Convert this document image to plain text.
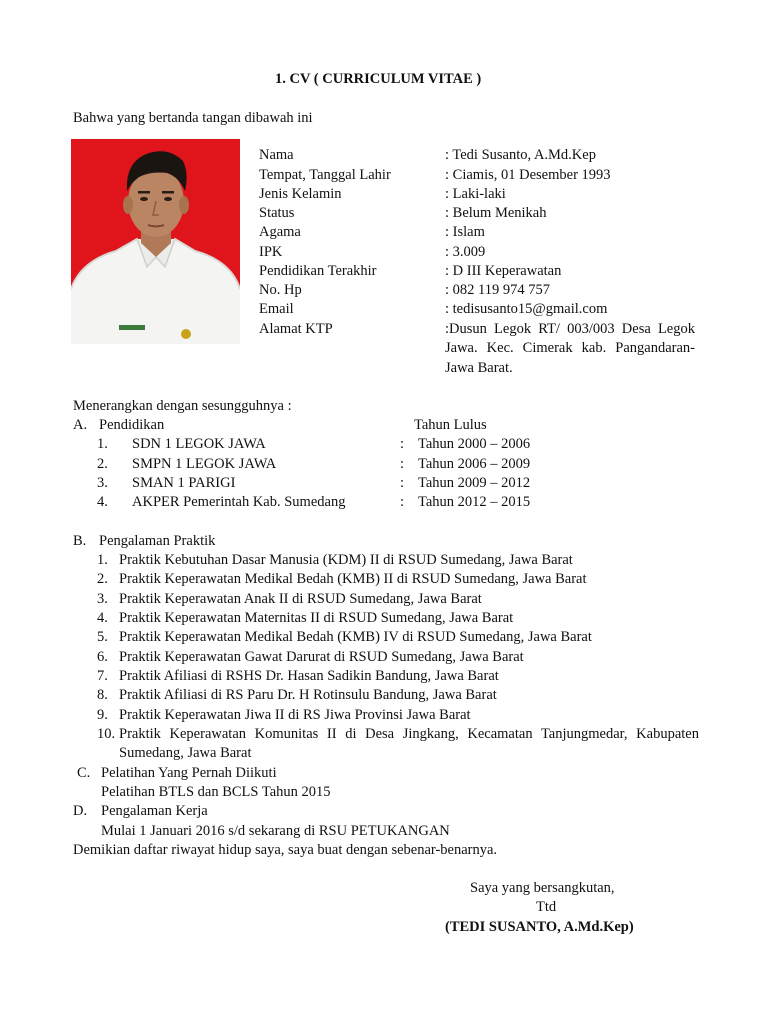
1. CV ( CURRICULUM VITAE )
Bahwa yang bertanda tangan dibawah ini
Nama	: Tedi Susanto, A.Md.Kep
Tempat, Tanggal Lahir	: Ciamis, 01 Desember 1993
Jenis Kelamin	: Laki-laki
Status	: Belum Menikah
Agama	: Islam
IPK	: 3.009
Pendidikan Terakhir	: D III Keperawatan
No. Hp	: 082 119 974 757
Email	: tedisusanto15@gmail.com
Alamat KTP	:Dusun Legok RT/ 003/003 Desa Legok Jawa. Kec. Cimerak kab. Pangandaran-Jawa Barat.
Menerangkan dengan sesungguhnya :
A. Pendidikan	Tahun Lulus
1. SDN 1 LEGOK JAWA	: Tahun 2000 – 2006
2. SMPN 1 LEGOK JAWA	: Tahun 2006 – 2009
3. SMAN 1 PARIGI	: Tahun 2009 – 2012
4. AKPER Pemerintah Kab. Sumedang	: Tahun 2012 – 2015
B. Pengalaman Praktik
1. Praktik Kebutuhan Dasar Manusia (KDM) II di RSUD Sumedang, Jawa Barat
2. Praktik Keperawatan Medikal Bedah (KMB) II di RSUD Sumedang, Jawa Barat
3. Praktik Keperawatan Anak II di RSUD Sumedang, Jawa Barat
4. Praktik Keperawatan Maternitas II di RSUD Sumedang, Jawa Barat
5. Praktik Keperawatan Medikal Bedah (KMB) IV di RSUD Sumedang, Jawa Barat
6. Praktik Keperawatan Gawat Darurat di RSUD Sumedang, Jawa Barat
7. Praktik Afiliasi di RSHS Dr. Hasan Sadikin Bandung, Jawa Barat
8. Praktik Afiliasi di RS Paru Dr. H Rotinsulu Bandung, Jawa Barat
9. Praktik Keperawatan Jiwa II di RS Jiwa Provinsi Jawa Barat
10. Praktik Keperawatan Komunitas II di Desa Jingkang, Kecamatan Tanjungmedar, Kabupaten Sumedang, Jawa Barat
C. Pelatihan Yang Pernah Diikuti
Pelatihan BTLS dan BCLS Tahun 2015
D. Pengalaman Kerja
Mulai 1 Januari 2016 s/d sekarang di RSU PETUKANGAN
Demikian daftar riwayat hidup saya, saya buat dengan sebenar-benarnya.
Saya yang bersangkutan,
Ttd
(TEDI SUSANTO, A.Md.Kep)
